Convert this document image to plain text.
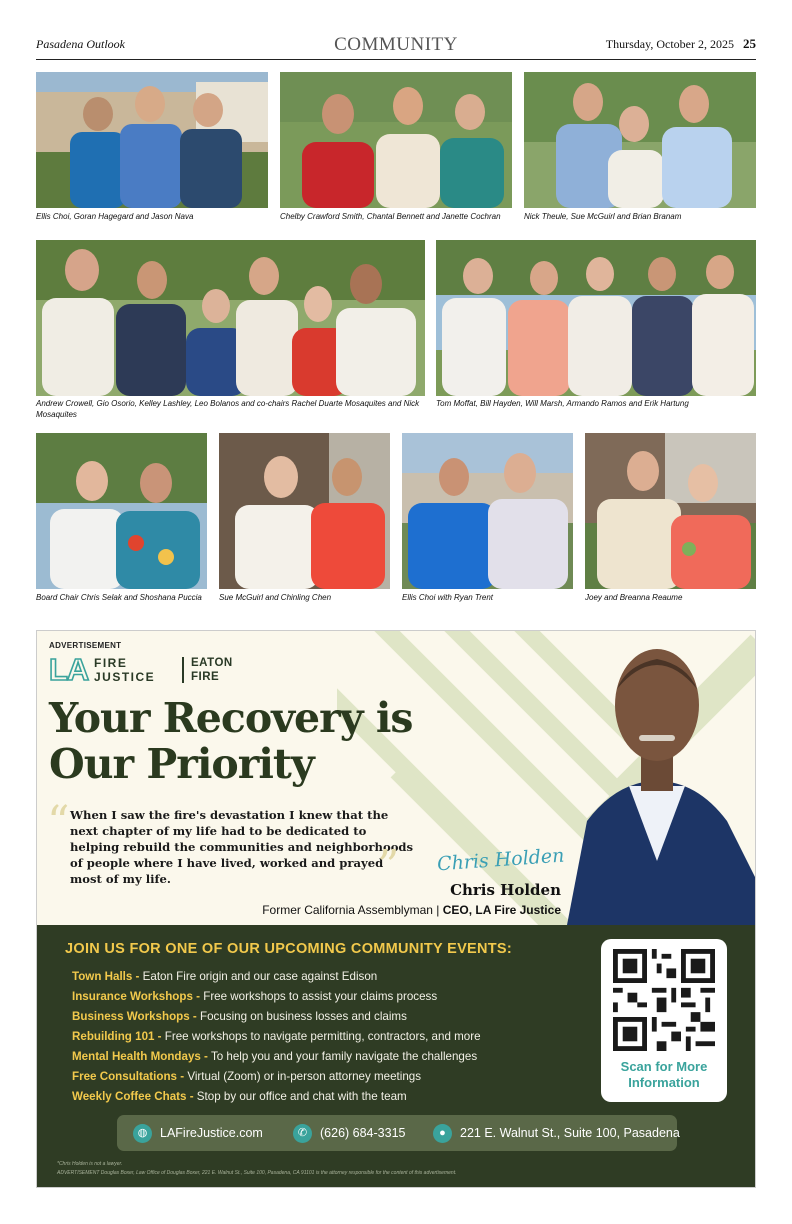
Pasadena Outlook	COMMUNITY	Thursday, October 2, 2025 25
Ellis Choi, Goran Hagegard and Jason Nava	Chelby Crawford Smith, Chantal Bennett and Janette Cochran	Nick Theule, Sue McGuirl and Brian Branam
Andrew Crowell, Gio Osorio, Kelley Lashley, Leo Bolanos and co-chairs Rachel Duarte Mosaquites and Nick Mosaquites
Tom Moffat, Bill Hayden, Will Marsh, Armando Ramos and Erik Hartung
Board Chair Chris Selak and Shoshana Puccia	Sue McGuirl and Chinling Chen	Ellis Choi with Ryan Trent	Joey and Breanna Reaume
ADVERTISEMENT
LA FIRE
JUSTICE
EATON
FIRE
Your Recovery is Our Priority
“ When I saw the fire's devastation I knew that the next chapter of my life had to be dedicated to helping rebuild the communities and neighborhoods of people where I have lived, worked and prayed most of my life.	” Chris Holden
Chris Holden
Former California Assemblyman | CEO, LA Fire Justice
JOIN US FOR ONE OF OUR UPCOMING COMMUNITY EVENTS:
Town Halls - Eaton Fire origin and our case against Edison
Insurance Workshops - Free workshops to assist your claims process
Business Workshops - Focusing on business losses and claims
Rebuilding 101 - Free workshops to navigate permitting, contractors, and more
Mental Health Mondays - To help you and your family navigate the challenges
Free Consultations - Virtual (Zoom) or in-person attorney meetings
Weekly Coffee Chats - Stop by our office and chat with the team
Scan for More Information
◍ LAFireJustice.com	✆ (626) 684-3315	● 221 E. Walnut St., Suite 100, Pasadena
*Chris Holden is not a lawyer.
ADVERTISEMENT Douglas Boxer, Law Office of Douglas Boxer, 221 E. Walnut St., Suite 100, Pasadena, CA 91101 is the attorney responsible for the content of this advertisement.
